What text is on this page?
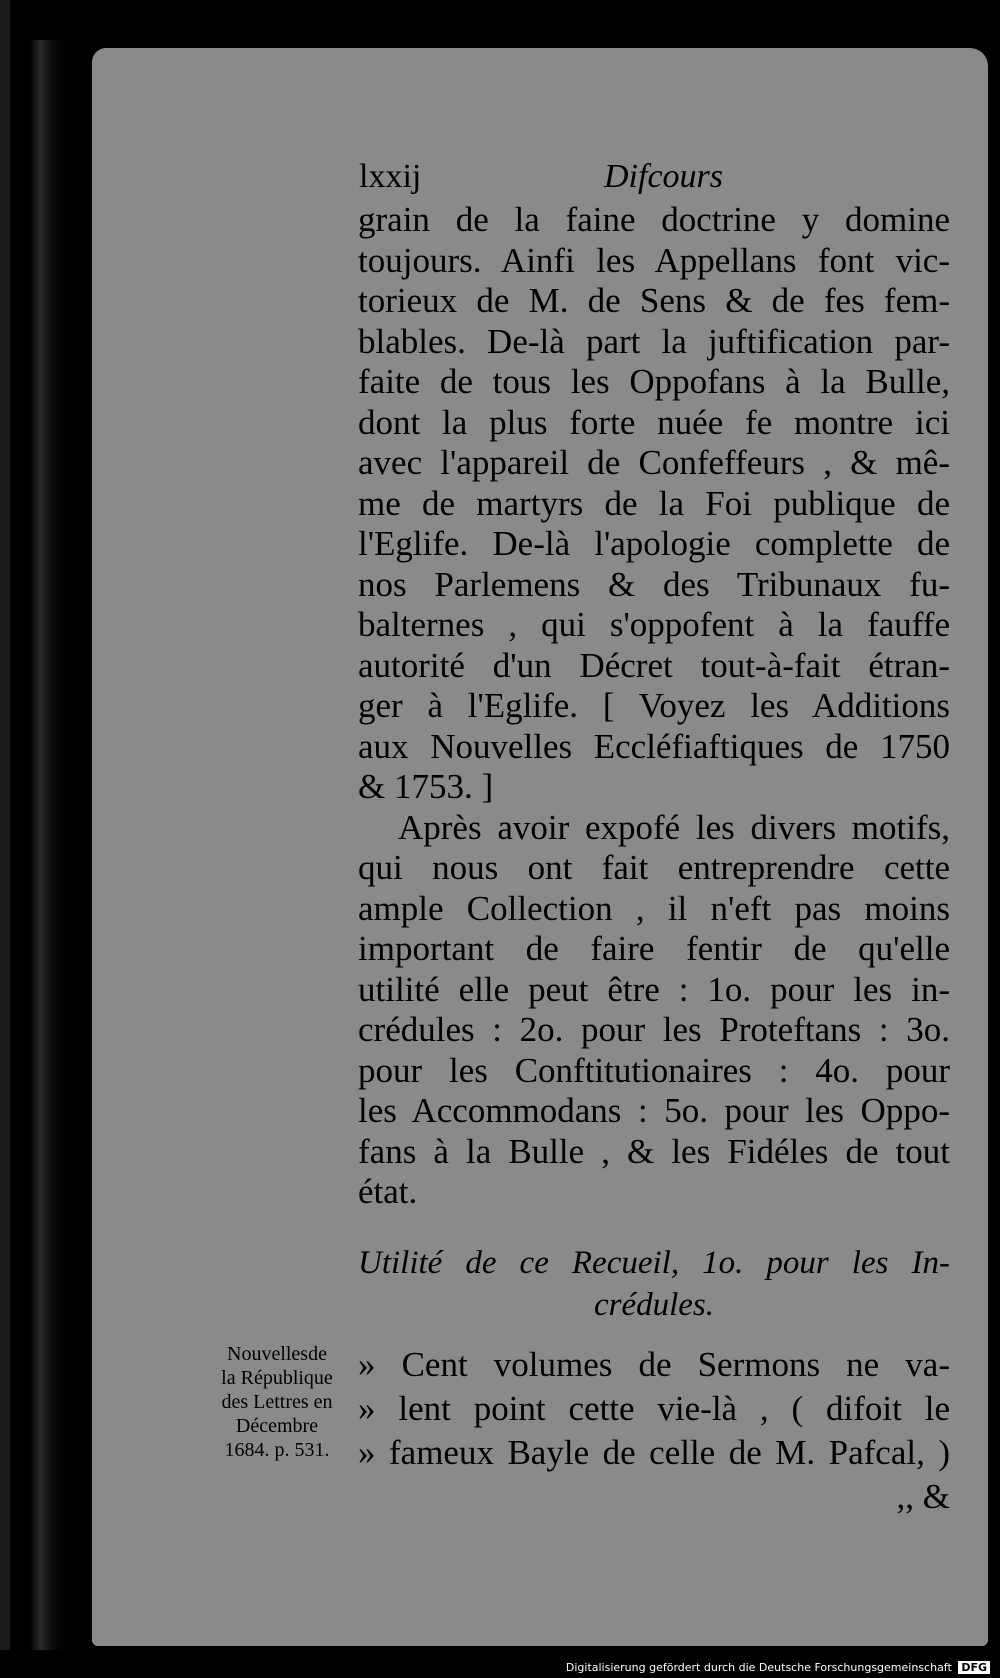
lxxij	Difcours
grain de la faine doctrine y domine
toujours. Ainfi les Appellans font vic-
torieux de M. de Sens & de fes fem-
blables. De-là part la juftification par-
faite de tous les Oppofans à la Bulle,
dont la plus forte nuée fe montre ici
avec l'appareil de Confeffeurs , & mê-
me de martyrs de la Foi publique de
l'Eglife. De-là l'apologie complette de
nos Parlemens & des Tribunaux fu-
balternes , qui s'oppofent à la fauffe
autorité d'un Décret tout-à-fait étran-
ger à l'Eglife. [ Voyez les Additions
aux Nouvelles Eccléfiaftiques de 1750
& 1753. ]
Après avoir expofé les divers motifs,
qui nous ont fait entreprendre cette
ample Collection , il n'eft pas moins
important de faire fentir de qu'elle
utilité elle peut être : 1o. pour les in-
crédules : 2o. pour les Proteftans : 3o.
pour les Conftitutionaires : 4o. pour
les Accommodans : 5o. pour les Oppo-
fans à la Bulle , & les Fidéles de tout
état.
Utilité de ce Recueil, 1o. pour les In-
crédules.
Nouvellesde
la République
des Lettres en
Décembre
1684. p. 531.
» Cent volumes de Sermons ne va-
» lent point cette vie-là , ( difoit le
» fameux Bayle de celle de M. Pafcal, )
,, &
Digitalisierung gefördert durch die Deutsche Forschungsgemeinschaft DFG
